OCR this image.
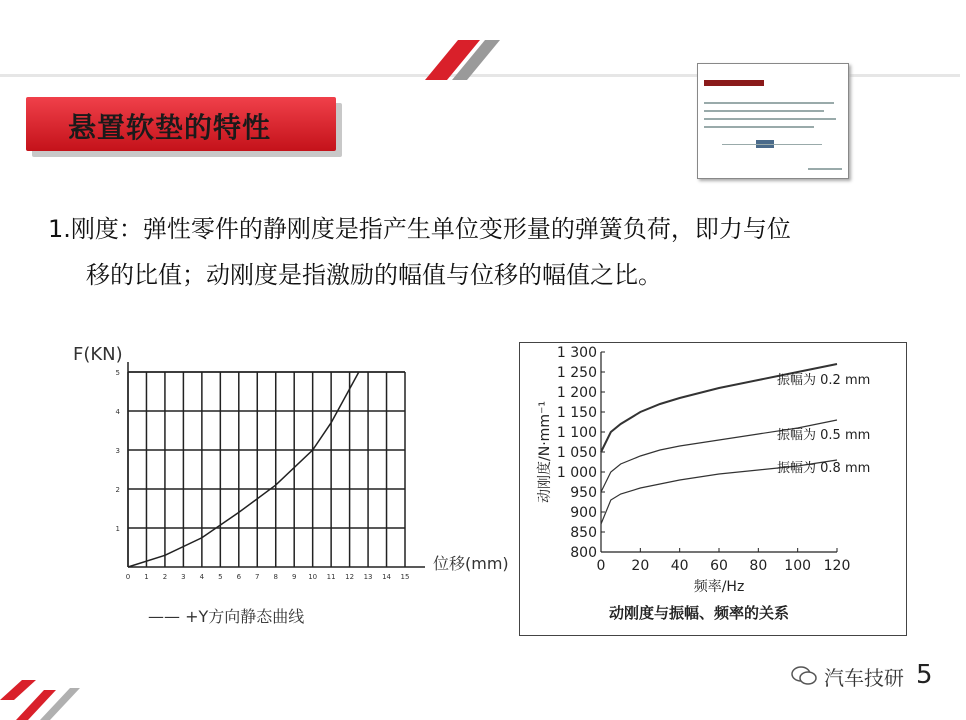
悬置软垫的特性
1.刚度：弹性零件的静刚度是指产生单位变形量的弹簧负荷，即力与位
移的比值；动刚度是指激励的幅值与位移的幅值之比。
0 1 2 3 4 5 6 7 8 9 10 11 12 13 14 15
1
2
3
4
5
F(KN)
位移(mm)
—— +Y方向静态曲线
800
850
900
950
1 000
1 050
1 100
1 150
1 200
1 250
1 300
0 20 40 60 80 100 120
频率/Hz
动刚度/N·mm⁻¹
动刚度与振幅、频率的关系
振幅为 0.2 mm
振幅为 0.5 mm
振幅为 0.8 mm
汽车技研 5
